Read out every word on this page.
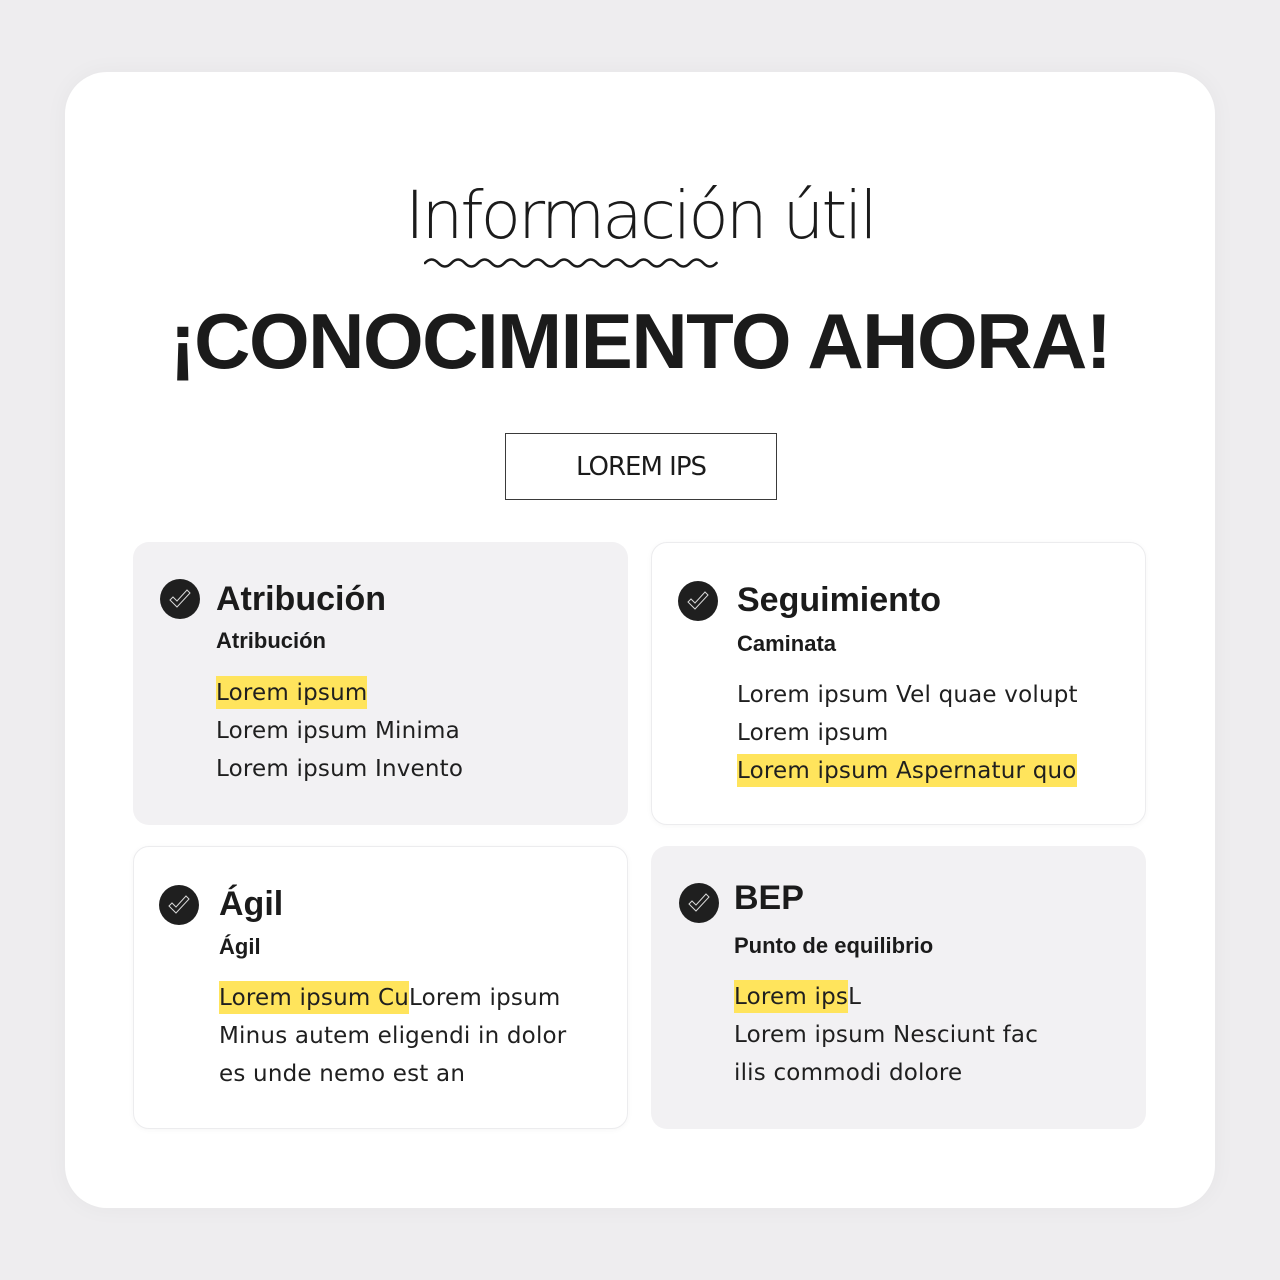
Información útil
¡CONOCIMIENTO AHORA!
LOREM IPS
Atribución
Atribución
Lorem ipsum
Lorem ipsum Minima
Lorem ipsum Invento
Seguimiento
Caminata
Lorem ipsum Vel quae volupt
Lorem ipsum
Lorem ipsum Aspernatur quo
Ágil
Ágil
Lorem ipsum CuLorem ipsum
Minus autem eligendi in dolor
es unde nemo est an
BEP
Punto de equilibrio
Lorem ipsL
Lorem ipsum Nesciunt fac
ilis commodi dolore
